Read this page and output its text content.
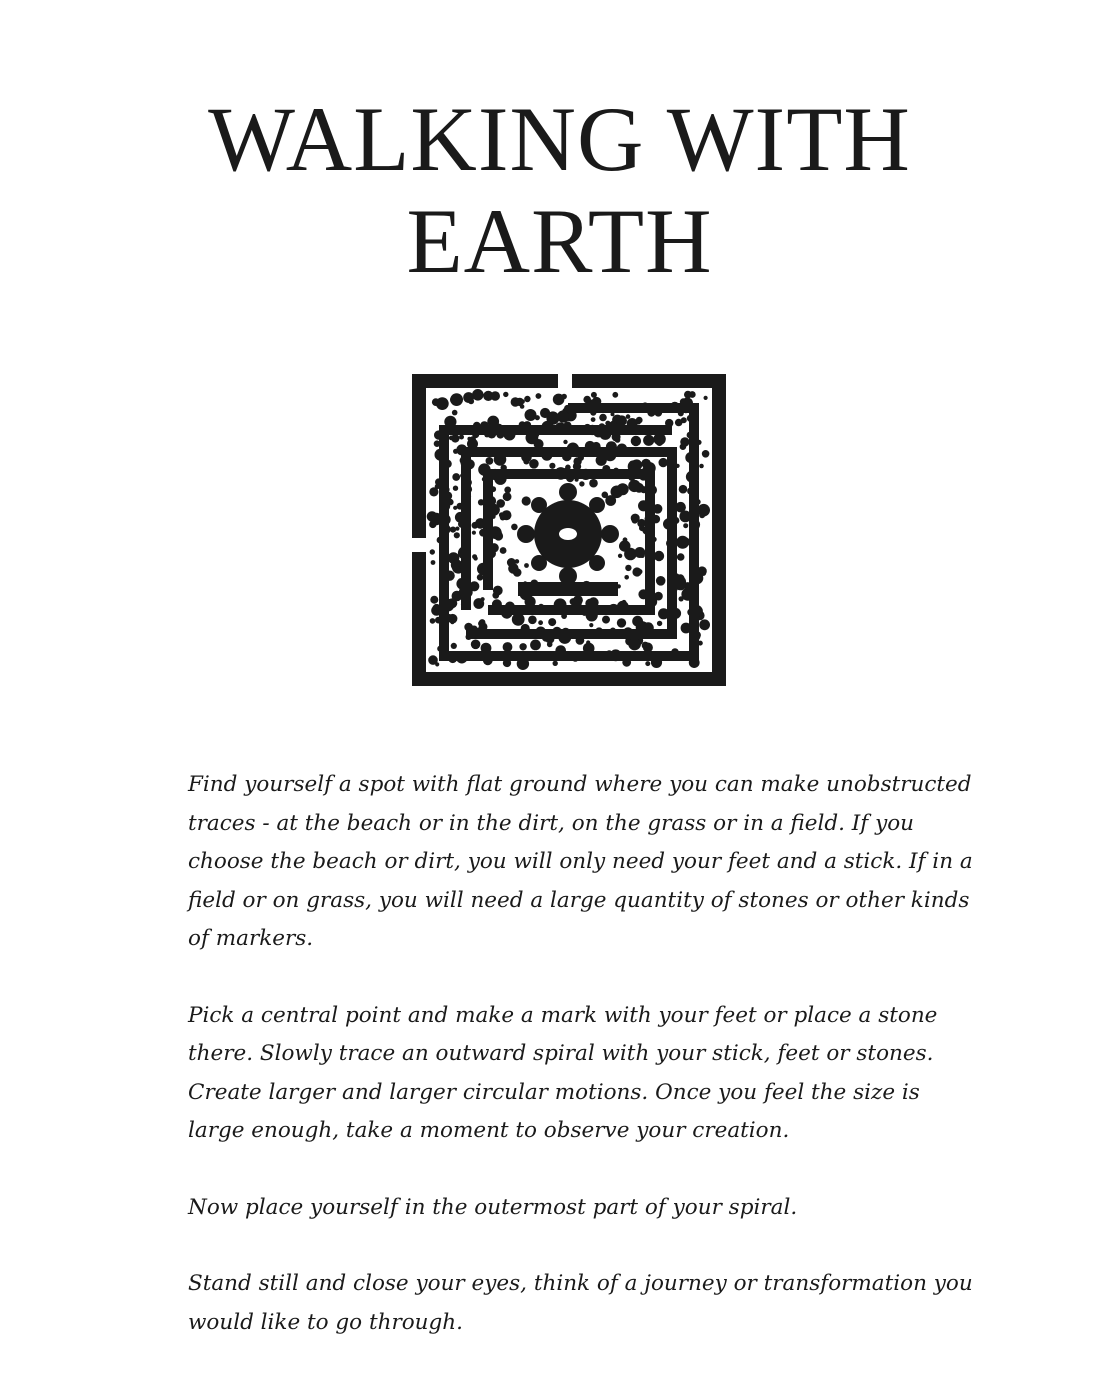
WALKING WITH
EARTH

Find yourself a spot with flat ground where you can make unobstructed traces - at the beach or in the dirt, on the grass or in a field. If you choose the beach or dirt, you will only need your feet and a stick. If in a field or on grass, you will need a large quantity of stones or other kinds of markers.

Pick a central point and make a mark with your feet or place a stone there. Slowly trace an outward spiral with your stick, feet or stones. Create larger and larger circular motions. Once you feel the size is large enough, take a moment to observe your creation.

Now place yourself in the outermost part of your spiral.

Stand still and close your eyes, think of a journey or transformation you would like to go through.
